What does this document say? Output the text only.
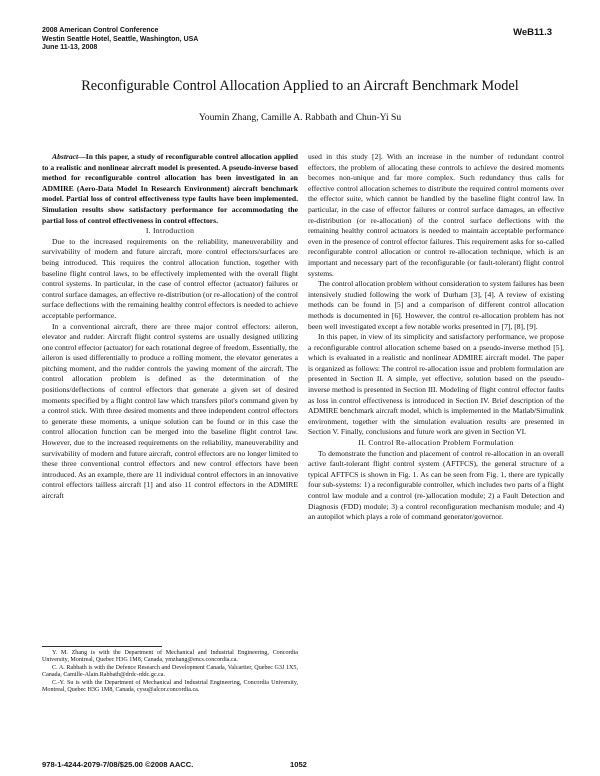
2008 American Control Conference
Westin Seattle Hotel, Seattle, Washington, USA
June 11-13, 2008
WeB11.3
Reconfigurable Control Allocation Applied to an Aircraft Benchmark Model
Youmin Zhang, Camille A. Rabbath and Chun-Yi Su

Abstract—In this paper, a study of reconfigurable control allocation applied to a realistic and nonlinear aircraft model is presented. A pseudo-inverse based method for reconfigurable control allocation has been investigated in an ADMIRE (Aero-Data Model In Research Environment) aircraft benchmark model. Partial loss of control effectiveness type faults have been implemented. Simulation results show satisfactory performance for accommodating the partial loss of control effectiveness in control effectors.

I. Introduction

Due to the increased requirements on the reliability, maneuverability and survivability of modern and future aircraft, more control effectors/surfaces are being introduced. This requires the control allocation function, together with baseline flight control laws, to be effectively implemented with the overall flight control systems. In particular, in the case of control effector (actuator) failures or control surface damages, an effective re-distribution (or re-allocation) of the control surface deflections with the remaining healthy control effectors is needed to achieve acceptable performance.

In a conventional aircraft, there are three major control effectors: aileron, elevator and rudder. Aircraft flight control systems are usually designed utilizing one control effector (actuator) for each rotational degree of freedom. Essentially, the aileron is used differentially to produce a rolling moment, the elevator generates a pitching moment, and the rudder controls the yawing moment of the aircraft. The control allocation problem is defined as the determination of the positions/deflections of control effectors that generate a given set of desired moments specified by a flight control law which transfers pilot's command given by a control stick. With three desired moments and three independent control effectors to generate these moments, a unique solution can be found or in this case the control allocation function can be merged into the baseline flight control law. However, due to the increased requirements on the reliability, maneuverability and survivability of modern and future aircraft, control effectors are no longer limited to these three conventional control effectors and new control effectors have been introduced. As an example, there are 11 individual control effectors in an innovative control effectors tailless aircraft [1] and also 11 control effectors in the ADMIRE aircraft

Y. M. Zhang is with the Department of Mechanical and Industrial Engineering, Concordia University, Montreal, Quebec H3G 1M8, Canada, ymzhang@encs.concordia.ca.

C. A. Rabbath is with the Defence Research and Development Canada, Valcartier, Quebec G3J 1X5, Canada, Camille-Alain.Rabbath@drdc-rddc.gc.ca.

C.-Y. Su is with the Department of Mechanical and Industrial Engineering, Concordia University, Montreal, Quebec H3G 1M8, Canada, cysu@alcor.concordia.ca.

used in this study [2]. With an increase in the number of redundant control effectors, the problem of allocating these controls to achieve the desired moments becomes non-unique and far more complex. Such redundancy thus calls for effective control allocation schemes to distribute the required control moments over the effector suite, which cannot be handled by the baseline flight control law. In particular, in the case of effector failures or control surface damages, an effective re-distribution (or re-allocation) of the control surface deflections with the remaining healthy control actuators is needed to maintain acceptable performance even in the presence of control effector failures. This requirement asks for so-called reconfigurable control allocation or control re-allocation technique, which is an important and necessary part of the reconfigurable (or fault-tolerant) flight control systems.

The control allocation problem without consideration to system failures has been intensively studied following the work of Durham [3], [4]. A review of existing methods can be found in [5] and a comparison of different control allocation methods is documented in [6]. However, the control re-allocation problem has not been well investigated except a few notable works presented in [7], [8], [9].

In this paper, in view of its simplicity and satisfactory performance, we propose a reconfigurable control allocation scheme based on a pseudo-inverse method [5], which is evaluated in a realistic and nonlinear ADMIRE aircraft model. The paper is organized as follows: The control re-allocation issue and problem formulation are presented in Section II. A simple, yet effective, solution based on the pseudo-inverse method is presented in Section III. Modeling of flight control effector faults as loss in control effectiveness is introduced in Section IV. Brief description of the ADMIRE benchmark aircraft model, which is implemented in the Matlab/Simulink environment, together with the simulation evaluation results are presented in Section V. Finally, conclusions and future work are given in Section VI.

II. Control Re-allocation Problem Formulation

To demonstrate the function and placement of control re-allocation in an overall active fault-tolerant flight control system (AFTFCS), the general structure of a typical AFTFCS is shown in Fig. 1. As can be seen from Fig. 1, there are typically four sub-systems: 1) a reconfigurable controller, which includes two parts of a flight control law module and a control (re-)allocation module; 2) a Fault Detection and Diagnosis (FDD) module; 3) a control reconfiguration mechanism module; and 4) an autopilot which plays a role of command generator/governor.

978-1-4244-2079-7/08/$25.00 ©2008 AACC.	1052
